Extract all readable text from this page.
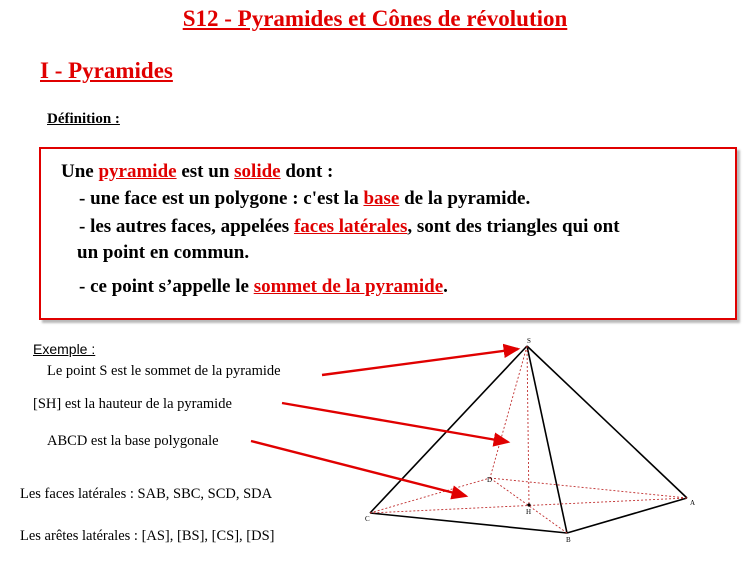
S12 - Pyramides et Cônes de révolution
I - Pyramides
Définition :
Une pyramide est un solide dont :
- une face est un polygone : c'est la base de la pyramide.
- les autres faces, appelées faces latérales, sont des triangles qui ont
un point en commun.
- ce point s’appelle le sommet de la pyramide.
Exemple :
Le point S est le sommet de la pyramide
[SH] est la hauteur de la pyramide
ABCD est la base polygonale
Les faces latérales : SAB, SBC, SCD, SDA
Les arêtes latérales : [AS], [BS], [CS], [DS]
S
A
B
C
D
H
